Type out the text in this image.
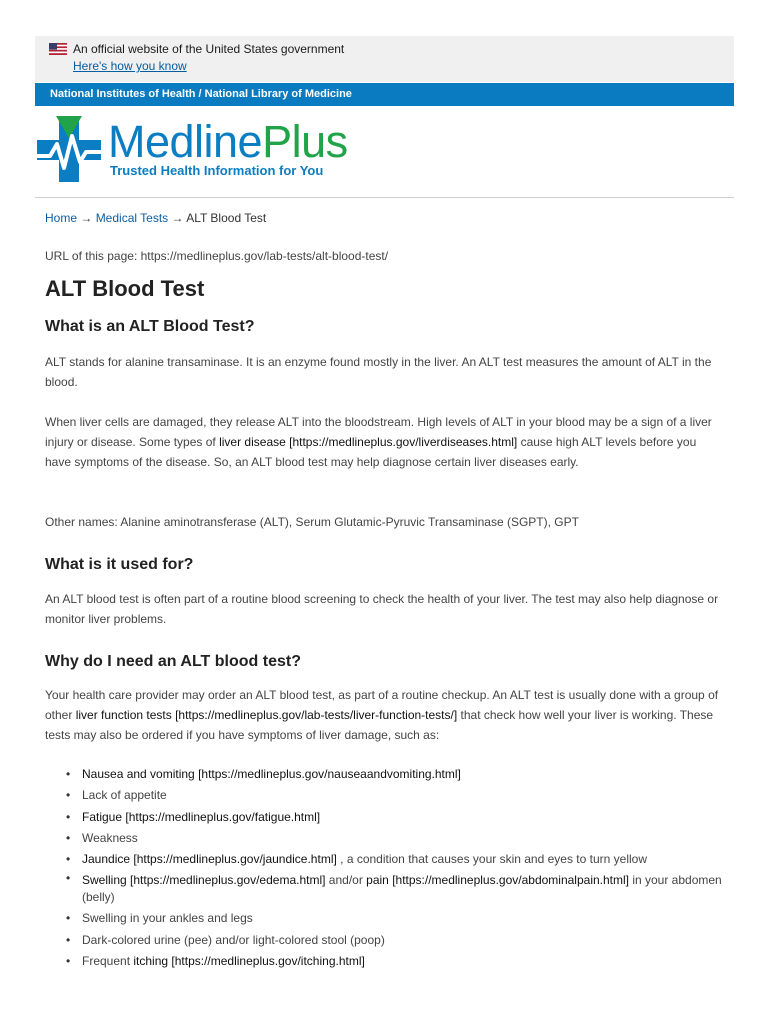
An official website of the United States government
Here's how you know
National Institutes of Health / National Library of Medicine
MedlinePlus
Trusted Health Information for You
Home → Medical Tests → ALT Blood Test
URL of this page: https://medlineplus.gov/lab-tests/alt-blood-test/
ALT Blood Test
What is an ALT Blood Test?

ALT stands for alanine transaminase. It is an enzyme found mostly in the liver. An ALT test measures the amount of ALT in the blood.

When liver cells are damaged, they release ALT into the bloodstream. High levels of ALT in your blood may be a sign of a liver injury or disease. Some types of liver disease [https://medlineplus.gov/liverdiseases.html] cause high ALT levels before you have symptoms of the disease. So, an ALT blood test may help diagnose certain liver diseases early.

Other names: Alanine aminotransferase (ALT), Serum Glutamic-Pyruvic Transaminase (SGPT), GPT

What is it used for?

An ALT blood test is often part of a routine blood screening to check the health of your liver. The test may also help diagnose or monitor liver problems.

Why do I need an ALT blood test?

Your health care provider may order an ALT blood test, as part of a routine checkup. An ALT test is usually done with a group of other liver function tests [https://medlineplus.gov/lab-tests/liver-function-tests/] that check how well your liver is working. These tests may also be ordered if you have symptoms of liver damage, such as:

• Nausea and vomiting [https://medlineplus.gov/nauseaandvomiting.html]
• Lack of appetite
• Fatigue [https://medlineplus.gov/fatigue.html]
• Weakness
• Jaundice [https://medlineplus.gov/jaundice.html] , a condition that causes your skin and eyes to turn yellow
• Swelling [https://medlineplus.gov/edema.html] and/or pain [https://medlineplus.gov/abdominalpain.html] in your abdomen (belly)
• Swelling in your ankles and legs
• Dark-colored urine (pee) and/or light-colored stool (poop)
• Frequent itching [https://medlineplus.gov/itching.html]
